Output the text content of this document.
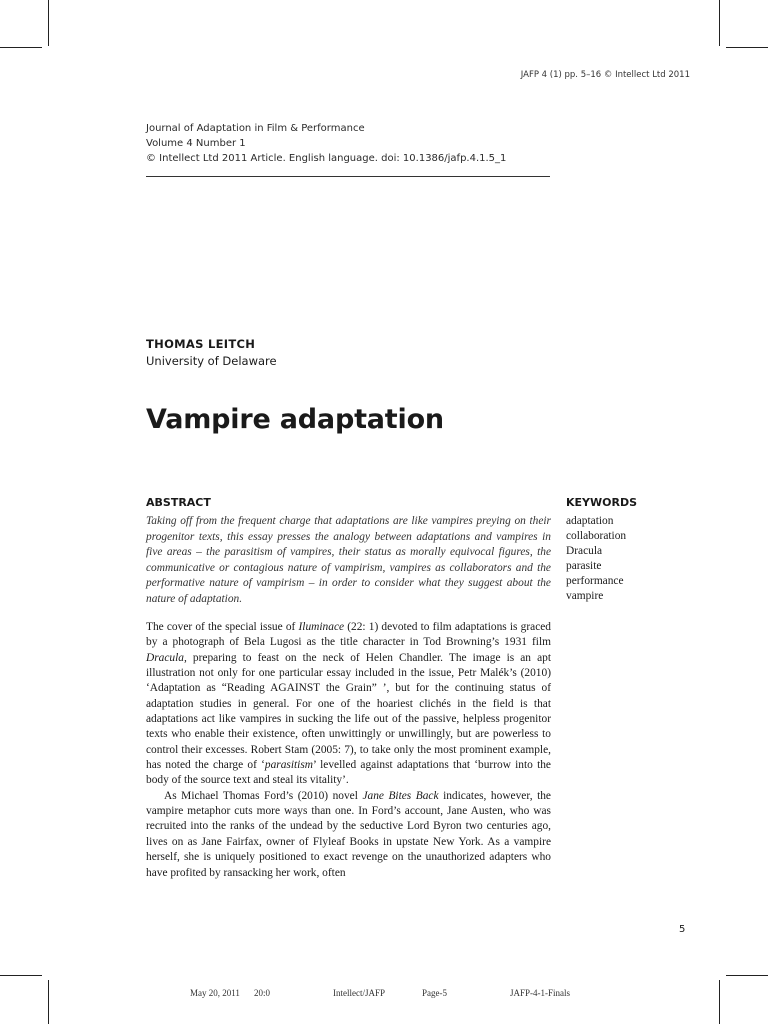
JAFP 4 (1) pp. 5–16 © Intellect Ltd 2011
Journal of Adaptation in Film & Performance
Volume 4 Number 1
© Intellect Ltd 2011 Article. English language. doi: 10.1386/jafp.4.1.5_1
THOMAS LEITCH
University of Delaware
Vampire adaptation
ABSTRACT
Taking off from the frequent charge that adaptations are like vampires preying on their progenitor texts, this essay presses the analogy between adaptations and vampires in five areas – the parasitism of vampires, their status as morally equivocal figures, the communicative or contagious nature of vampirism, vampires as collaborators and the performative nature of vampirism – in order to consider what they suggest about the nature of adaptation.
KEYWORDS
adaptation
collaboration
Dracula
parasite
performance
vampire

The cover of the special issue of Iluminace (22: 1) devoted to film adaptations is graced by a photograph of Bela Lugosi as the title character in Tod Browning’s 1931 film Dracula, preparing to feast on the neck of Helen Chandler. The image is an apt illustration not only for one particular essay included in the issue, Petr Malék’s (2010) ‘Adaptation as “Reading AGAINST the Grain” ’, but for the continuing status of adaptation studies in general. For one of the hoariest clichés in the field is that adaptations act like vampires in sucking the life out of the passive, helpless progenitor texts who enable their existence, often unwittingly or unwillingly, but are powerless to control their excesses. Robert Stam (2005: 7), to take only the most prominent example, has noted the charge of ‘parasitism’ levelled against adaptations that ‘burrow into the body of the source text and steal its vitality’.

As Michael Thomas Ford’s (2010) novel Jane Bites Back indicates, however, the vampire metaphor cuts more ways than one. In Ford’s account, Jane Austen, who was recruited into the ranks of the undead by the seductive Lord Byron two centuries ago, lives on as Jane Fairfax, owner of Flyleaf Books in upstate New York. As a vampire herself, she is uniquely positioned to exact revenge on the unauthorized adapters who have profited by ransacking her work, often

5
May 20, 2011 20:0	Intellect/JAFP	Page-5	JAFP-4-1-Finals
